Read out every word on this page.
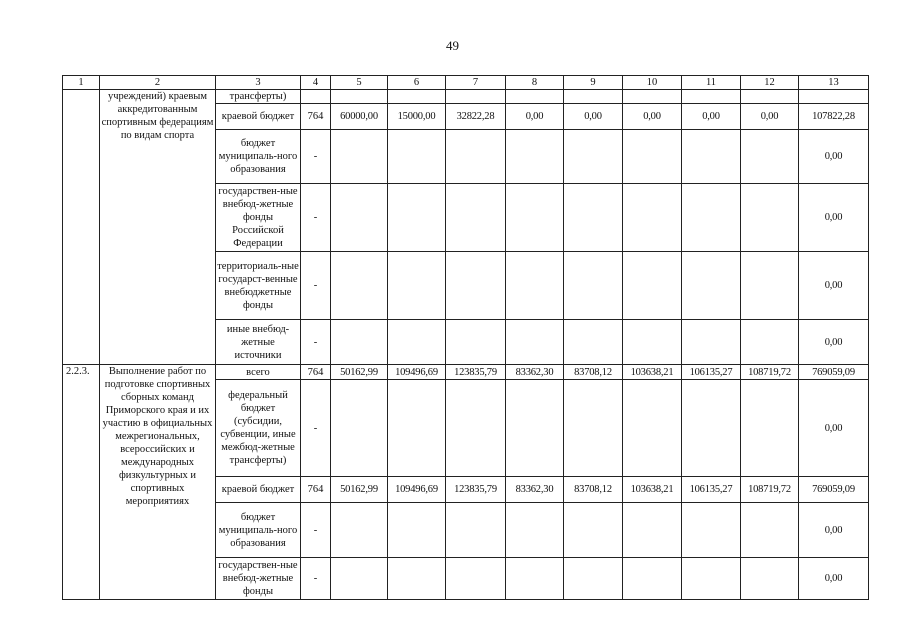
49
1	2	3	4	5	6	7	8	9	10	11	12	13
	учреждений) краевым аккредитованным спортивным федерациям по видам спорта	трансферты)										
		краевой бюджет	764	60000,00	15000,00	32822,28	0,00	0,00	0,00	0,00	0,00	107822,28
		бюджет муниципаль-ного образования	-									0,00
		государствен-ные внебюд-жетные фонды Российской Федерации	-									0,00
		территориаль-ные государст-венные внебюджетные фонды	-									0,00
		иные внебюд-жетные источники	-									0,00
2.2.3.	Выполнение работ по подготовке спортивных сборных команд Приморского края и их участию в официальных межрегиональных, всероссийских и международных физкультурных и спортивных мероприятиях	всего	764	50162,99	109496,69	123835,79	83362,30	83708,12	103638,21	106135,27	108719,72	769059,09
		федеральный бюджет (субсидии, субвенции, иные межбюд-жетные трансферты)	-									0,00
		краевой бюджет	764	50162,99	109496,69	123835,79	83362,30	83708,12	103638,21	106135,27	108719,72	769059,09
		бюджет муниципаль-ного образования	-									0,00
		государствен-ные внебюд-жетные фонды	-									0,00
